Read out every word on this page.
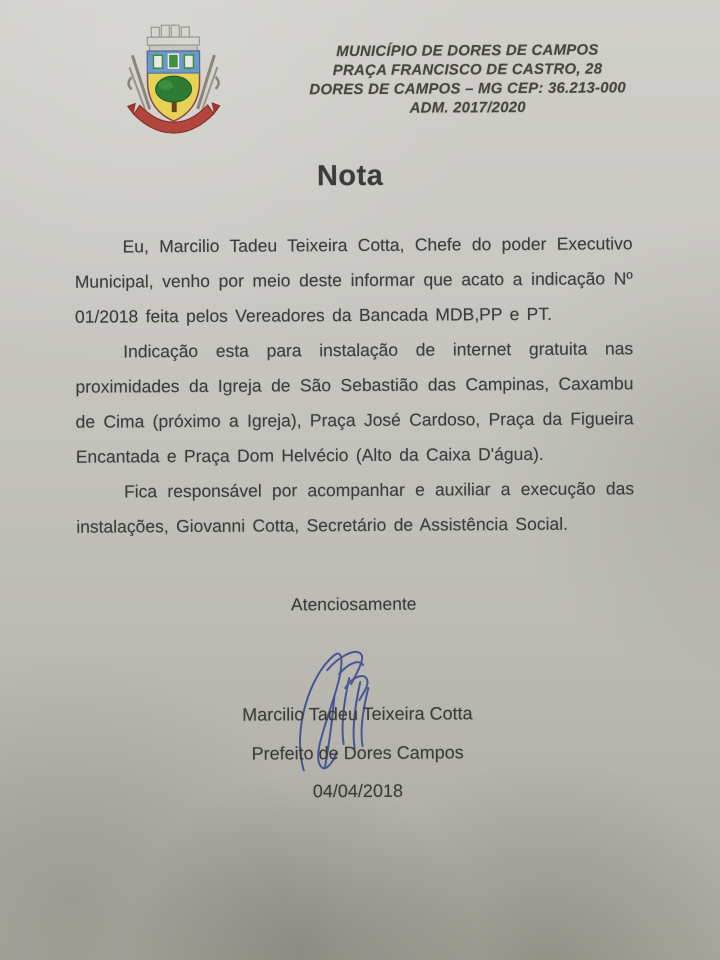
MUNICÍPIO DE DORES DE CAMPOS
PRAÇA FRANCISCO DE CASTRO, 28
DORES DE CAMPOS – MG CEP: 36.213-000
ADM. 2017/2020
Nota

Eu, Marcilio Tadeu Teixeira Cotta, Chefe do poder Executivo Municipal, venho por meio deste informar que acato a indicação Nº 01/2018 feita pelos Vereadores da Bancada MDB,PP e PT.

Indicação esta para instalação de internet gratuita nas proximidades da Igreja de São Sebastião das Campinas, Caxambu de Cima (próximo a Igreja), Praça José Cardoso, Praça da Figueira Encantada e Praça Dom Helvécio (Alto da Caixa D'água).

Fica responsável por acompanhar e auxiliar a execução das instalações, Giovanni Cotta, Secretário de Assistência Social.

Atenciosamente
Marcilio Tadeu Teixeira Cotta
Prefeito de Dores Campos
04/04/2018
